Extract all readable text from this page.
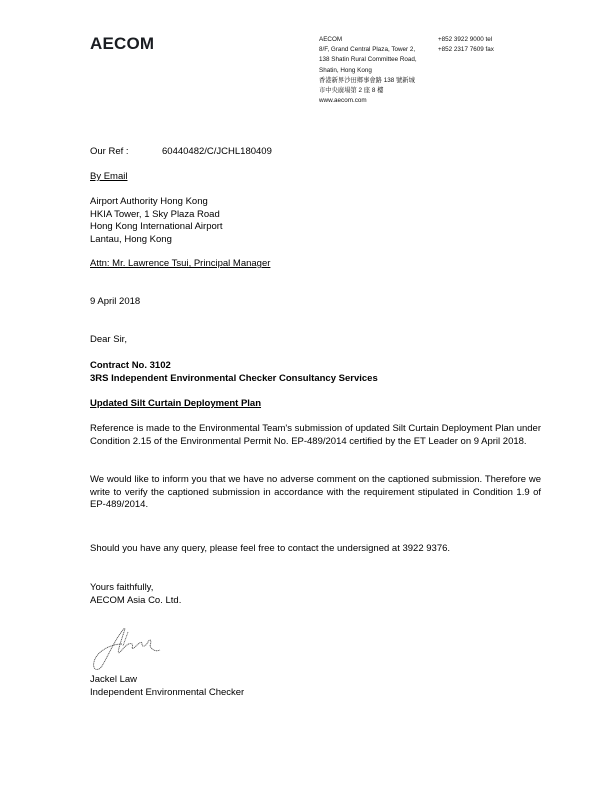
AECOM	AECOM
8/F, Grand Central Plaza, Tower 2,
138 Shatin Rural Committee Road,
Shatin, Hong Kong
香港新界沙田鄉事會路 138 號新城
市中央廣場第 2 座 8 樓
www.aecom.com
+852 3922 9000 tel
+852 2317 7609 fax
Our Ref :	60440482/C/JCHL180409
By Email
Airport Authority Hong Kong
HKIA Tower, 1 Sky Plaza Road
Hong Kong International Airport
Lantau, Hong Kong
Attn: Mr. Lawrence Tsui, Principal Manager
9 April 2018
Dear Sir,
Contract No. 3102
3RS Independent Environmental Checker Consultancy Services
Updated Silt Curtain Deployment Plan
Reference is made to the Environmental Team's submission of updated Silt Curtain Deployment Plan under Condition 2.15 of the Environmental Permit No. EP-489/2014 certified by the ET Leader on 9 April 2018.
We would like to inform you that we have no adverse comment on the captioned submission. Therefore we write to verify the captioned submission in accordance with the requirement stipulated in Condition 1.9 of EP-489/2014.
Should you have any query, please feel free to contact the undersigned at 3922 9376.
Yours faithfully,
AECOM Asia Co. Ltd.
Jackel Law
Independent Environmental Checker
